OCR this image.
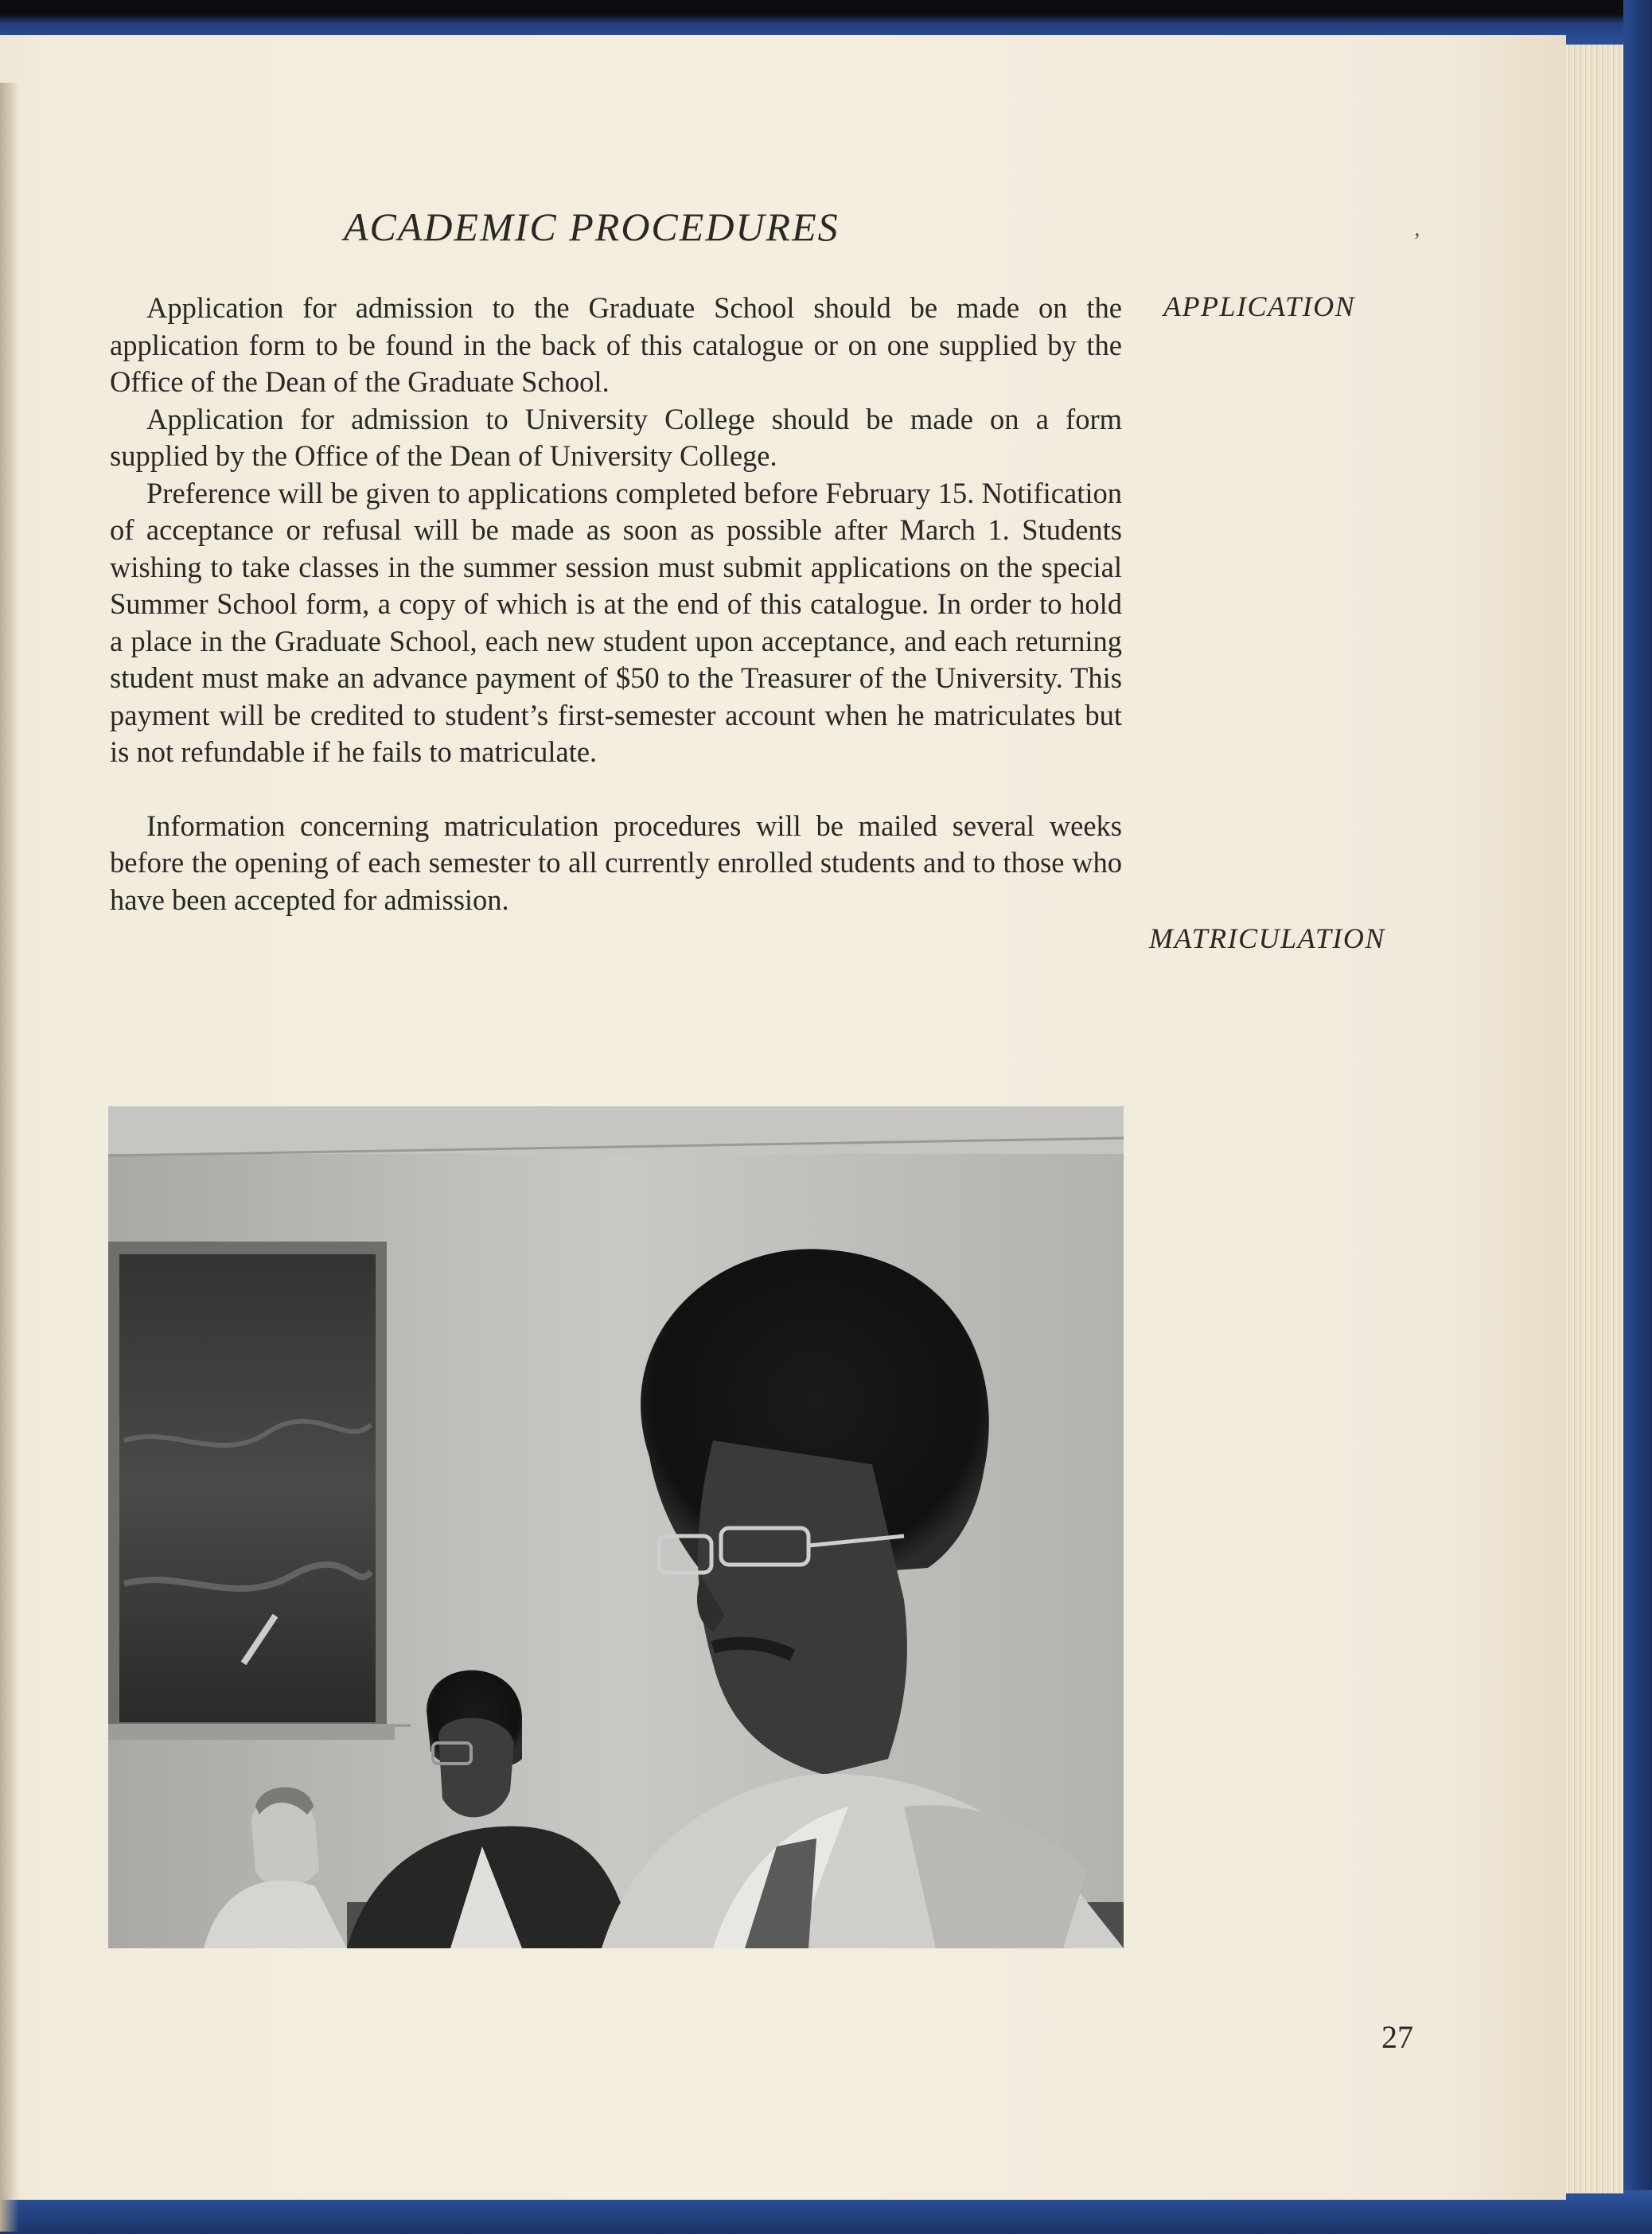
ACADEMIC PROCEDURES	ʼ
APPLICATION
MATRICULATION

Application for admission to the Graduate School should be made on the application form to be found in the back of this catalogue or on one supplied by the Office of the Dean of the Graduate School.

Application for admission to University College should be made on a form supplied by the Office of the Dean of University College.

Preference will be given to applications completed before February 15. Notification of acceptance or refusal will be made as soon as possible after March 1. Students wishing to take classes in the summer session must submit applications on the special Summer School form, a copy of which is at the end of this catalogue. In order to hold a place in the Graduate School, each new student upon acceptance, and each returning student must make an advance payment of $50 to the Treasurer of the University. This payment will be credited to student’s first-semester account when he matriculates but is not refundable if he fails to matriculate.

Information concerning matriculation procedures will be mailed several weeks before the opening of each semester to all currently enrolled students and to those who have been accepted for admission.

27
